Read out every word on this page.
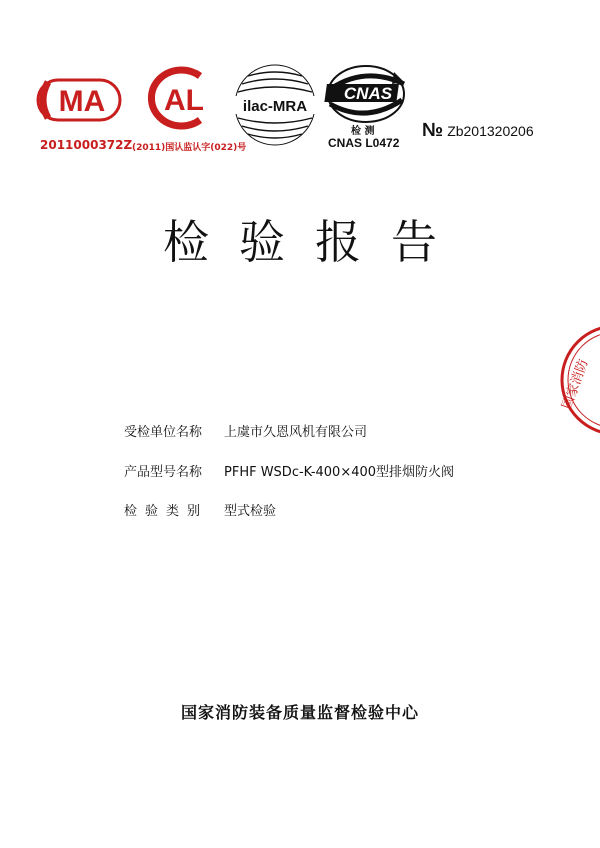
MA
2011000372Z
AL
(2011)国认监认字(022)号
ilac-MRA
CNAS
检 测
CNAS L0472
№ Zb201320206
检验报告
受检单位名称 上虞市久恩风机有限公司
产品型号名称 PFHF WSDc-K-400×400型排烟防火阀
检验类别 型式检验
国家消防装备质量监督检验中心
国家消防
